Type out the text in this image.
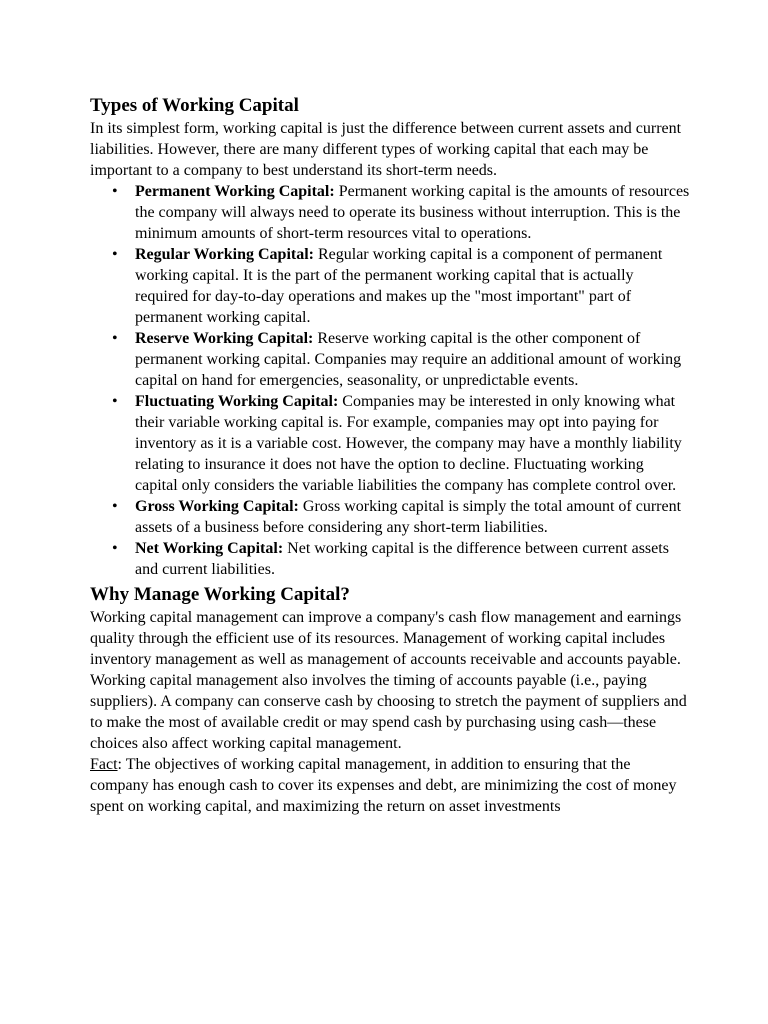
Types of Working Capital

In its simplest form, working capital is just the difference between current assets and current liabilities. However, there are many different types of working capital that each may be important to a company to best understand its short-term needs.

• Permanent Working Capital: Permanent working capital is the amounts of resources the company will always need to operate its business without interruption. This is the minimum amounts of short-term resources vital to operations.
• Regular Working Capital: Regular working capital is a component of permanent working capital. It is the part of the permanent working capital that is actually required for day-to-day operations and makes up the "most important" part of permanent working capital.
• Reserve Working Capital: Reserve working capital is the other component of permanent working capital. Companies may require an additional amount of working capital on hand for emergencies, seasonality, or unpredictable events.
• Fluctuating Working Capital: Companies may be interested in only knowing what their variable working capital is. For example, companies may opt into paying for inventory as it is a variable cost. However, the company may have a monthly liability relating to insurance it does not have the option to decline. Fluctuating working capital only considers the variable liabilities the company has complete control over.
• Gross Working Capital: Gross working capital is simply the total amount of current assets of a business before considering any short-term liabilities.
• Net Working Capital: Net working capital is the difference between current assets and current liabilities.
Why Manage Working Capital?

Working capital management can improve a company's cash flow management and earnings quality through the efficient use of its resources. Management of working capital includes inventory management as well as management of accounts receivable and accounts payable.

Working capital management also involves the timing of accounts payable (i.e., paying suppliers). A company can conserve cash by choosing to stretch the payment of suppliers and to make the most of available credit or may spend cash by purchasing using cash—these choices also affect working capital management.

Fact: The objectives of working capital management, in addition to ensuring that the company has enough cash to cover its expenses and debt, are minimizing the cost of money spent on working capital, and maximizing the return on asset investments
